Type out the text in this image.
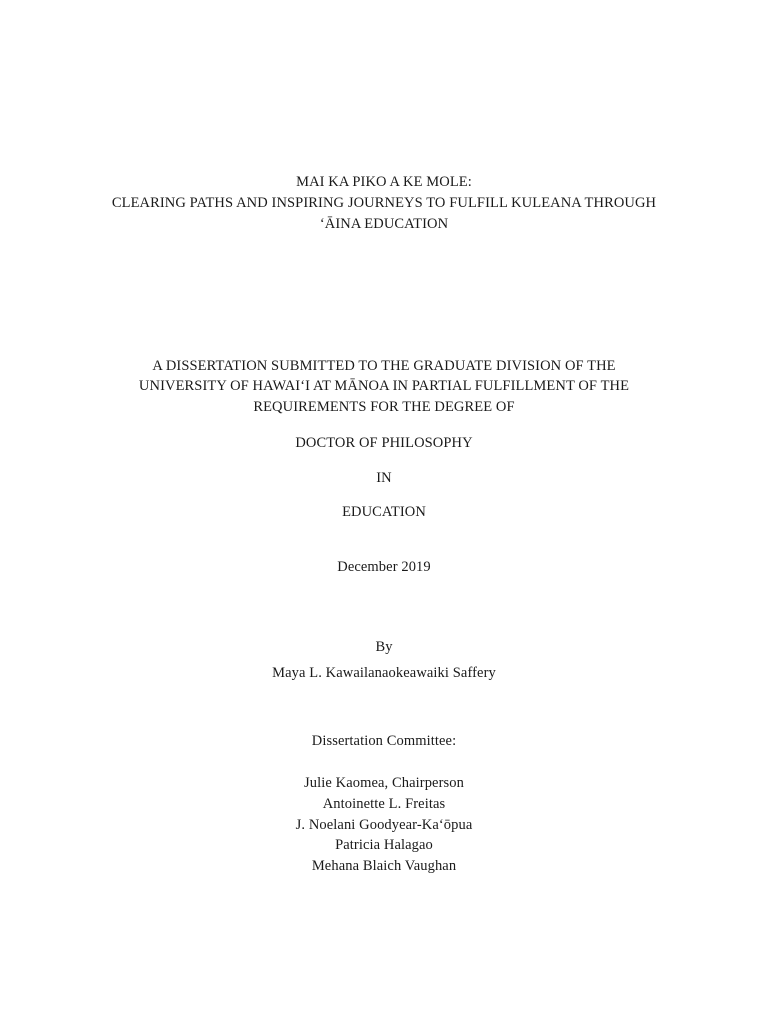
MAI KA PIKO A KE MOLE:
CLEARING PATHS AND INSPIRING JOURNEYS TO FULFILL KULEANA THROUGH
‘ĀINA EDUCATION
A DISSERTATION SUBMITTED TO THE GRADUATE DIVISION OF THE
UNIVERSITY OF HAWAI‘I AT MĀNOA IN PARTIAL FULFILLMENT OF THE
REQUIREMENTS FOR THE DEGREE OF
DOCTOR OF PHILOSOPHY
IN
EDUCATION
December 2019
By
Maya L. Kawailanaokeawaiki Saffery
Dissertation Committee:
Julie Kaomea, Chairperson
Antoinette L. Freitas
J. Noelani Goodyear-Ka‘ōpua
Patricia Halagao
Mehana Blaich Vaughan
